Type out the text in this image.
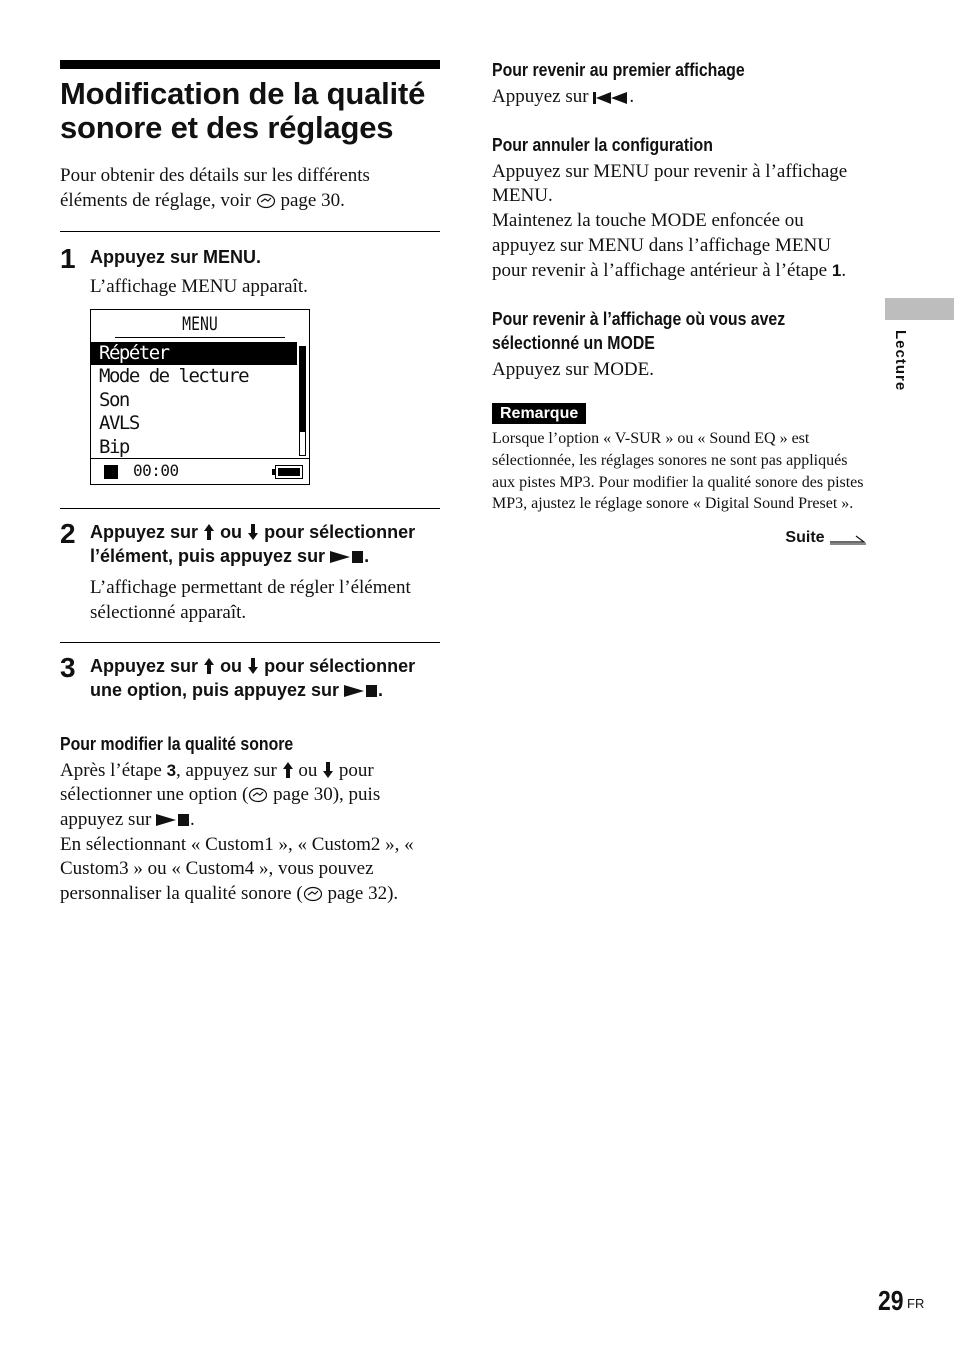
Modification de la qualité sonore et des réglages

Pour obtenir des détails sur les différents éléments de réglage, voir page 30.

1 Appuyez sur MENU.
L’affichage MENU apparaît.
MENU
Répéter
Mode de lecture
Son
AVLS
Bip
00:00
2 Appuyez sur ou pour sélectionner l’élément, puis appuyez sur .
L’affichage permettant de régler l’élément sélectionné apparaît.
3 Appuyez sur ou pour sélectionner une option, puis appuyez sur .
Pour modifier la qualité sonore

Après l’étape 3, appuyez sur ou pour sélectionner une option ( page 30), puis appuyez sur .

En sélectionnant « Custom1 », « Custom2 », « Custom3 » ou « Custom4 », vous pouvez personnaliser la qualité sonore ( page 32).

Pour revenir au premier affichage

Appuyez sur .

Pour annuler la configuration

Appuyez sur MENU pour revenir à l’affichage MENU.

Maintenez la touche MODE enfoncée ou appuyez sur MENU dans l’affichage MENU pour revenir à l’affichage antérieur à l’étape 1.

Pour revenir à l’affichage où vous avez
sélectionné un MODE

Appuyez sur MODE.

Remarque

Lorsque l’option « V-SUR » ou « Sound EQ » est sélectionnée, les réglages sonores ne sont pas appliqués aux pistes MP3. Pour modifier la qualité sonore des pistes MP3, ajustez le réglage sonore « Digital Sound Preset ».

Suite
Lecture
29 FR
